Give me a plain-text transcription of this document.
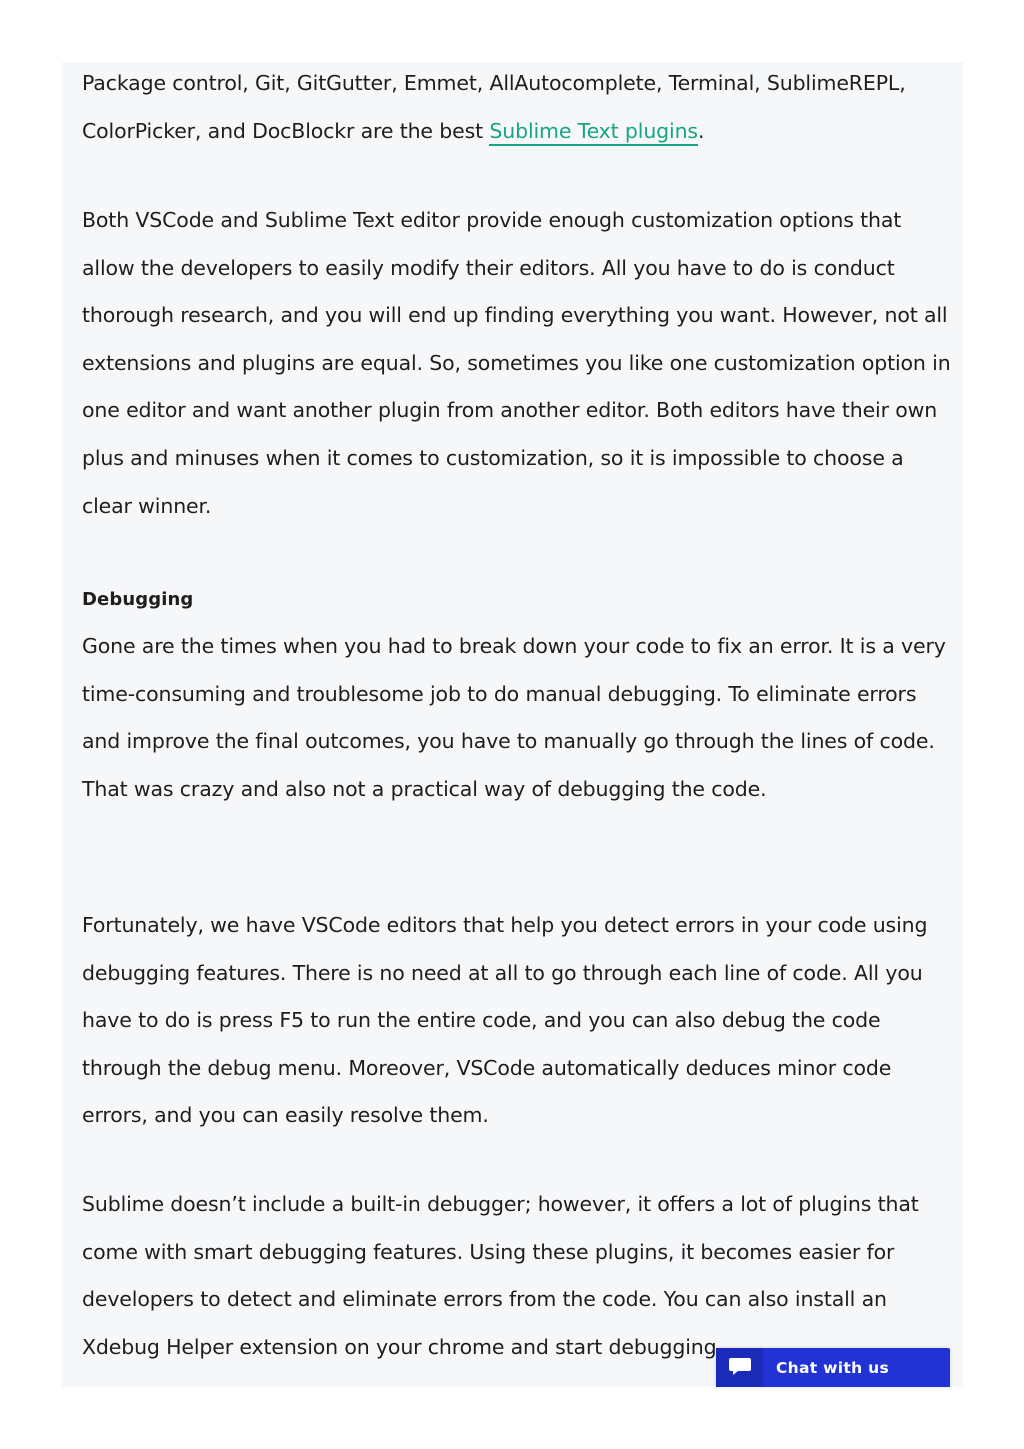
Package control, Git, GitGutter, Emmet, AllAutocomplete, Terminal, SublimeREPL, ColorPicker, and DocBlockr are the best Sublime Text plugins.

Both VSCode and Sublime Text editor provide enough customization options that allow the developers to easily modify their editors. All you have to do is conduct thorough research, and you will end up finding everything you want. However, not all extensions and plugins are equal. So, sometimes you like one customization option in one editor and want another plugin from another editor. Both editors have their own plus and minuses when it comes to customization, so it is impossible to choose a clear winner.

Debugging

Gone are the times when you had to break down your code to fix an error. It is a very time-consuming and troublesome job to do manual debugging. To eliminate errors and improve the final outcomes, you have to manually go through the lines of code. That was crazy and also not a practical way of debugging the code.

Fortunately, we have VSCode editors that help you detect errors in your code using debugging features. There is no need at all to go through each line of code. All you have to do is press F5 to run the entire code, and you can also debug the code through the debug menu. Moreover, VSCode automatically deduces minor code errors, and you can easily resolve them.

Sublime doesn’t include a built-in debugger; however, it offers a lot of plugins that come with smart debugging features. Using these plugins, it becomes easier for developers to detect and eliminate errors from the code. You can also install an Xdebug Helper extension on your chrome and start debugging

Chat with us
